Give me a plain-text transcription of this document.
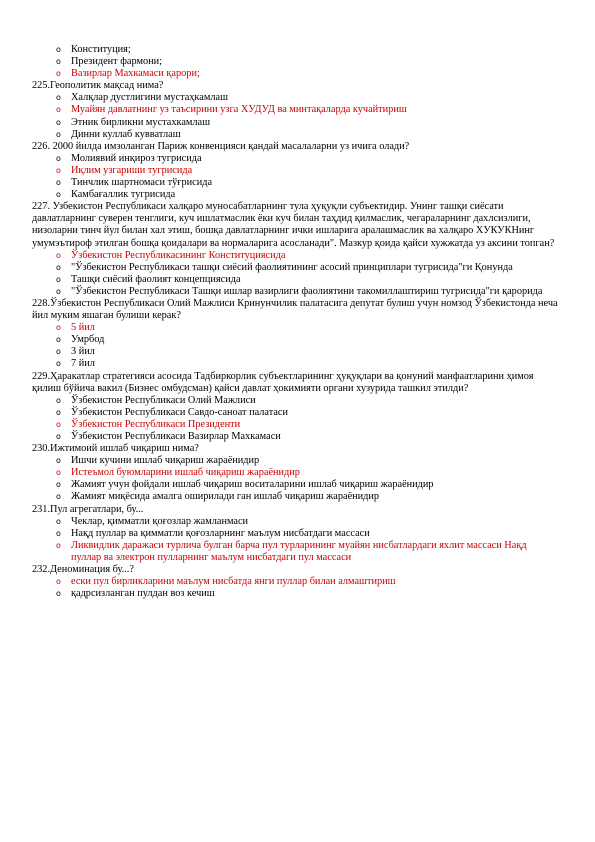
o Конституция;
o Президент фармони;
o Вазирлар Махкамаси қарори;
225.Геополитик мақсад нима?
o Халқлар дустлигини мустаҳкамлаш
o Муайян давлатнинг уз таъсирини узга ХУДУД ва минтақаларда кучайтириш
o Этник бирликни мустахкамлаш
o Динни куллаб кувватлаш
226. 2000 йилда имзоланган Париж конвенцияси қандай масалаларни уз ичига олади?
o Молиявий инқироз тугрисида
o Иқлим узгариши тугрисида
o Тинчлик шартномаси тўғрисида
o Камбағаллик тугрисида
227. Узбекистон Республикаси халқаро муносабатларнинг тула ҳуқуқли субъектидир. Унинг ташқи сиёсати давлатларнинг суверен тенглиги, куч ишлатмаслик ёки куч билан таҳдид қилмаслик, чегараларнинг дахлсизлиги, низоларни тинч йул билан хал этиш, бошқа давлатларнинг ички ишларига аралашмаслик ва халқаро ХУКУКНинг умумэътироф этилган бошқа қоидалари ва нормаларига асосланади". Мазкур қоида қайси хужжатда уз аксини топган?
o Ўзбекистон Республикасининг Конституциясида
o "Ўзбекистон Республикаси ташқи сиёсий фаолиятининг асосий принциплари тугрисида"ги Қонунда
o Ташқи сиёсий фаолият концепциясида
o "Ўзбекистон Республикаси Ташқи ишлар вазирлиги фаолиятини такомиллаштириш тугрисида"ги қарорида
228.Ўзбекистон Республикаси Олий Мажлиси Кринунчилик палатасига депутат булиш учун номзод Ўзбекистонда неча йил муким яшаган булиши керак?
o 5 йил
o Умрбод
o 3 йил
o 7 йил
229.Ҳаракатлар стратегияси асосида Тадбиркорлик субъектларининг ҳуқуқлари ва қонуний манфаатларини ҳимоя қилиш бўйича вакил (Бизнес омбудсман) қайси давлат ҳокимияти органи хузурида ташкил этилди?
o Ўзбекистон Республикаси Олий Мажлиси
o Ўзбекистон Республикаси Савдо-саноат палатаси
o Ўзбекистон Республикаси Президенти
o Ўзбекистон Республикаси Вазирлар Махкамаси
230.Ижтимоий ишлаб чиқариш нима?
o Ишчи кучини ишлаб чиқариш жараёнидир
o Истеъмол буюмларини ишлаб чиқариш жараёнидир
o Жамият учун фойдали ишлаб чиқариш воситаларини ишлаб чиқариш жараёнидир
o Жамият миқёсида амалга оширилади ган ишлаб чиқариш жараёнидир
231.Пул агрегатлари, бу...
o Чеклар, қимматли қоғозлар жамланмаси
o Нақд пуллар ва қимматли қоғозларнинг маълум нисбатдаги массаси
o Ликвидлик даражаси турлича булган барча пул турларининг муайян нисбатлардаги яхлит массаси Нақд пуллар ва электрон пулларнинг маълум нисбатдаги пул массаси
232.Деноминация бу...?
o ески пул бирликларини маълум нисбатда янги пуллар билан алмаштириш
o қадрсизланган пулдан воз кечиш
